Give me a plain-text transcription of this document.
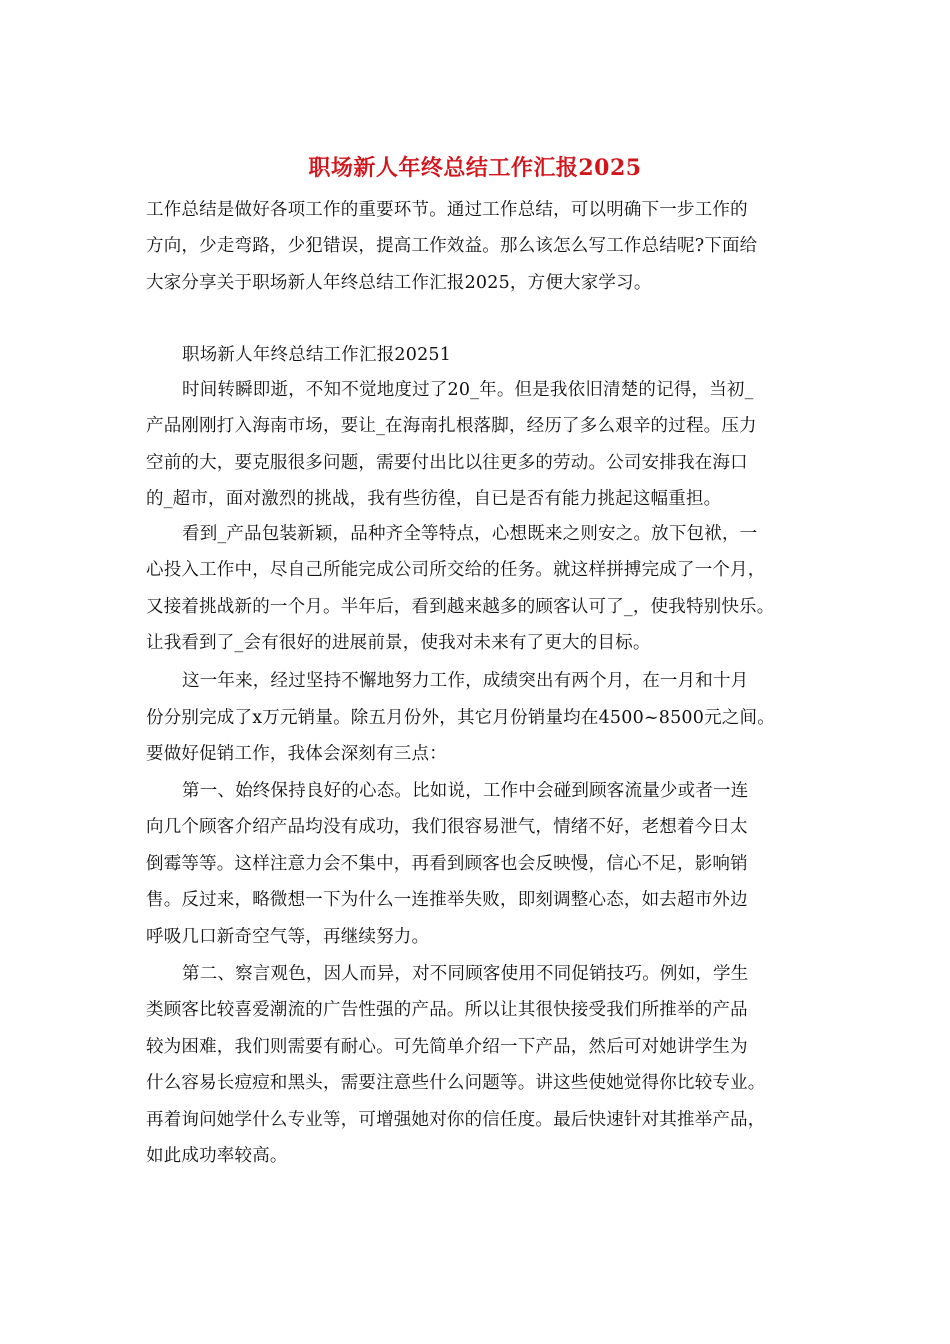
职场新人年终总结工作汇报2025
工作总结是做好各项工作的重要环节。通过工作总结，可以明确下一步工作的
方向，少走弯路，少犯错误，提高工作效益。那么该怎么写工作总结呢?下面给
大家分享关于职场新人年终总结工作汇报2025，方便大家学习。
职场新人年终总结工作汇报20251
时间转瞬即逝，不知不觉地度过了20_年。但是我依旧清楚的记得，当初_
产品刚刚打入海南市场，要让_在海南扎根落脚，经历了多么艰辛的过程。压力
空前的大，要克服很多问题，需要付出比以往更多的劳动。公司安排我在海口
的_超市，面对激烈的挑战，我有些彷徨，自已是否有能力挑起这幅重担。
看到_产品包装新颖，品种齐全等特点，心想既来之则安之。放下包袱，一
心投入工作中，尽自己所能完成公司所交给的任务。就这样拼搏完成了一个月，
又接着挑战新的一个月。半年后，看到越来越多的顾客认可了_，使我特别快乐。
让我看到了_会有很好的进展前景，使我对未来有了更大的目标。
这一年来，经过坚持不懈地努力工作，成绩突出有两个月，在一月和十月
份分别完成了x万元销量。除五月份外，其它月份销量均在4500~8500元之间。
要做好促销工作，我体会深刻有三点：
第一、始终保持良好的心态。比如说，工作中会碰到顾客流量少或者一连
向几个顾客介绍产品均没有成功，我们很容易泄气，情绪不好，老想着今日太
倒霉等等。这样注意力会不集中，再看到顾客也会反映慢，信心不足，影响销
售。反过来，略微想一下为什么一连推举失败，即刻调整心态，如去超市外边
呼吸几口新奇空气等，再继续努力。
第二、察言观色，因人而异，对不同顾客使用不同促销技巧。例如，学生
类顾客比较喜爱潮流的广告性强的产品。所以让其很快接受我们所推举的产品
较为困难，我们则需要有耐心。可先简单介绍一下产品，然后可对她讲学生为
什么容易长痘痘和黑头，需要注意些什么问题等。讲这些使她觉得你比较专业。
再着询问她学什么专业等，可增强她对你的信任度。最后快速针对其推举产品，
如此成功率较高。
